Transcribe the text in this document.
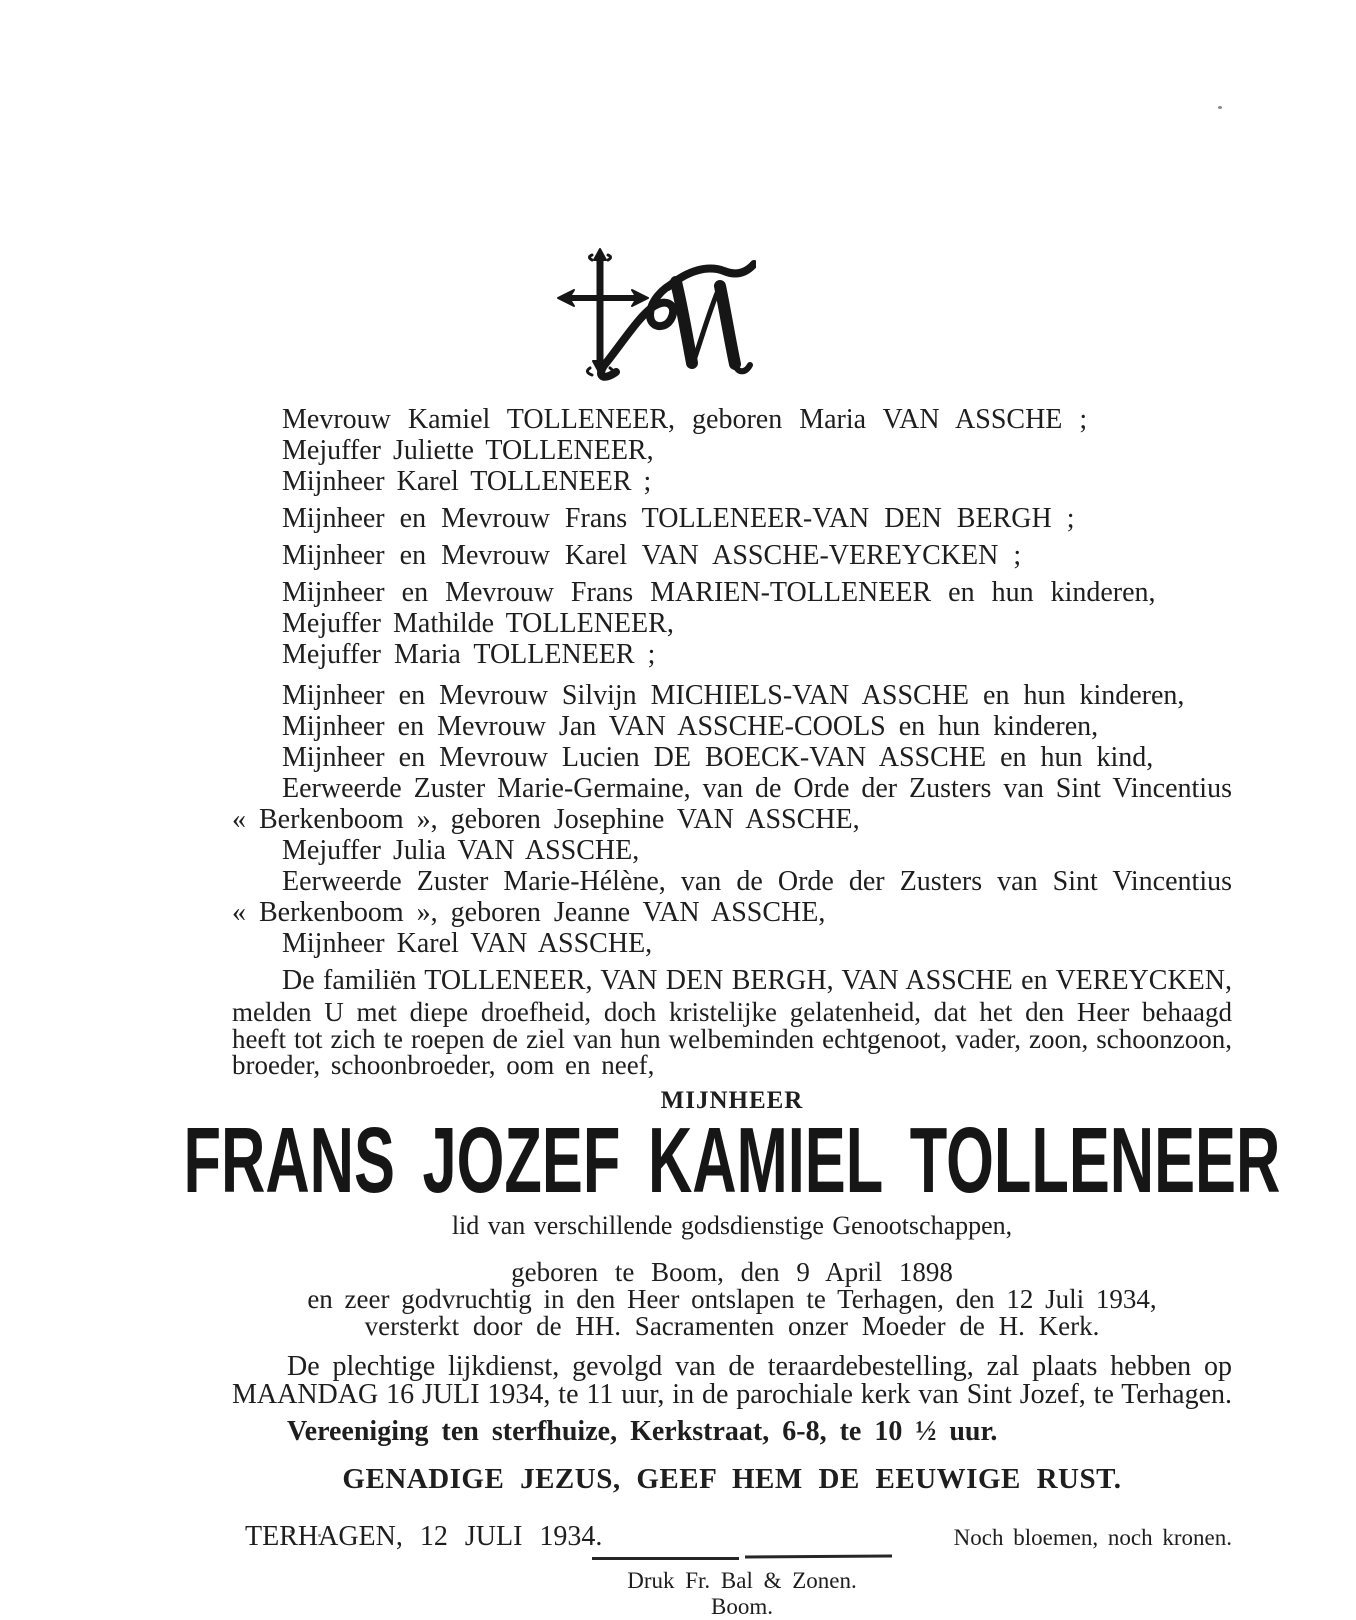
Mevrouw Kamiel TOLLENEER, geboren Maria VAN ASSCHE ;
Mejuffer Juliette TOLLENEER,
Mijnheer Karel TOLLENEER ;
Mijnheer en Mevrouw Frans TOLLENEER-VAN DEN BERGH ;
Mijnheer en Mevrouw Karel VAN ASSCHE-VEREYCKEN ;
Mijnheer en Mevrouw Frans MARIEN-TOLLENEER en hun kinderen,
Mejuffer Mathilde TOLLENEER,
Mejuffer Maria TOLLENEER ;
Mijnheer en Mevrouw Silvijn MICHIELS-VAN ASSCHE en hun kinderen,
Mijnheer en Mevrouw Jan VAN ASSCHE-COOLS en hun kinderen,
Mijnheer en Mevrouw Lucien DE BOECK-VAN ASSCHE en hun kind,
Eerweerde Zuster Marie-Germaine, van de Orde der Zusters van Sint Vincentius
« Berkenboom », geboren Josephine VAN ASSCHE,
Mejuffer Julia VAN ASSCHE,
Eerweerde Zuster Marie-Hélène, van de Orde der Zusters van Sint Vincentius
« Berkenboom », geboren Jeanne VAN ASSCHE,
Mijnheer Karel VAN ASSCHE,
De familiën TOLLENEER, VAN DEN BERGH, VAN ASSCHE en VEREYCKEN,
melden U met diepe droefheid, doch kristelijke gelatenheid, dat het den Heer behaagd
heeft tot zich te roepen de ziel van hun welbeminden echtgenoot, vader, zoon, schoonzoon,
broeder, schoonbroeder, oom en neef,
MIJNHEER
FRANS JOZEF KAMIEL TOLLENEER
lid van verschillende godsdienstige Genootschappen,
geboren te Boom, den 9 April 1898
en zeer godvruchtig in den Heer ontslapen te Terhagen, den 12 Juli 1934,
versterkt door de HH. Sacramenten onzer Moeder de H. Kerk.
De plechtige lijkdienst, gevolgd van de teraardebestelling, zal plaats hebben op
MAANDAG 16 JULI 1934, te 11 uur, in de parochiale kerk van Sint Jozef, te Terhagen.
Vereeniging ten sterfhuize, Kerkstraat, 6-8, te 10 ½ uur.
GENADIGE JEZUS, GEEF HEM DE EEUWIGE RUST.
TERHAGEN, 12 JULI 1934.	Noch bloemen, noch kronen.
Druk Fr. Bal & Zonen. Boom.
